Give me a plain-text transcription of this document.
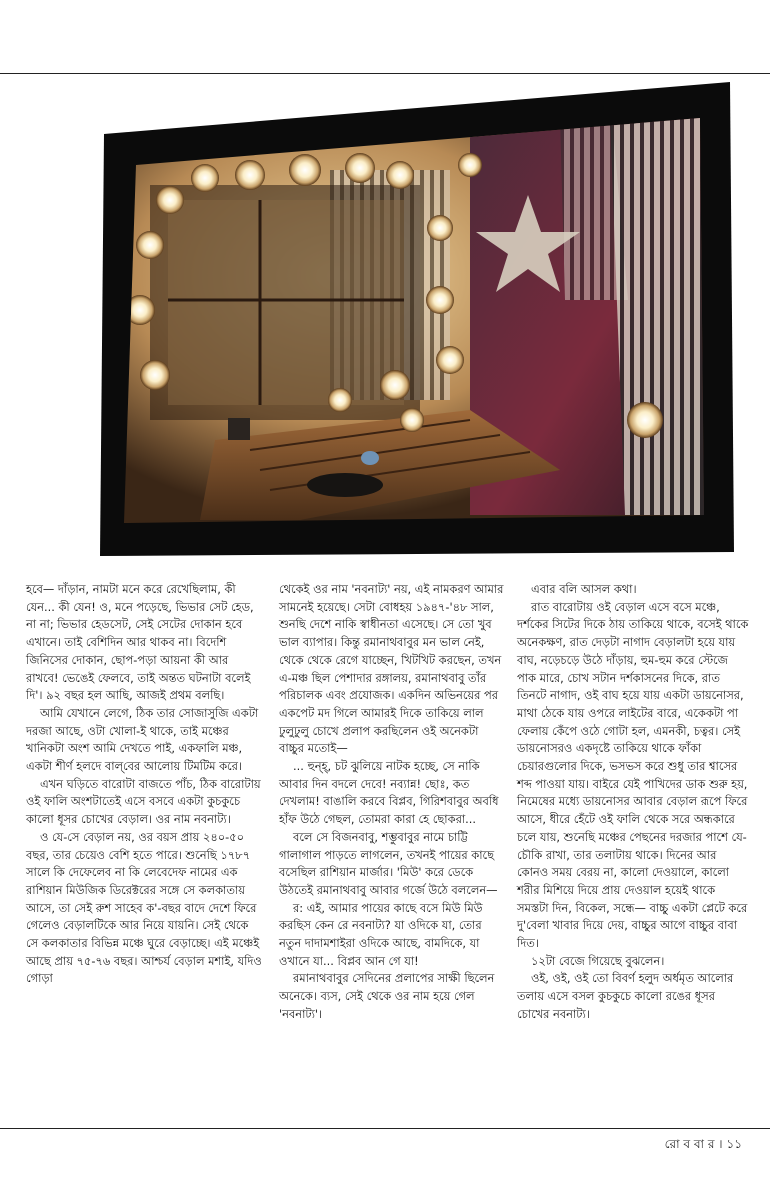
হবে— দাঁড়ান, নামটা মনে করে রেখেছিলাম, কী যেন... কী যেন! ও, মনে পড়েছে, ভিভার সেট হেড, না না; ভিভার হেডসেট, সেই সেটের দোকান হবে এখানে। তাই বেশিদিন আর থাকব না। বিদেশি জিনিসের দোকান, ছোপ-পড়া আয়না কী আর রাখবে! ভেঙেই ফেলবে, তাই অন্তত ঘটনাটা বলেই দি'। ৯২ বছর হল আছি, আজই প্রথম বলছি।

আমি যেখানে লেগে, ঠিক তার সোজাসুজি একটা দরজা আছে, ওটা খোলা-ই থাকে, তাই মঞ্চের খানিকটা অংশ আমি দেখতে পাই, একফালি মঞ্চ, একটা শীর্ণ হলদে বাল্‌বের আলোয় টিমটিম করে।

এখন ঘড়িতে বারোটা বাজতে পাঁচ, ঠিক বারোটায় ওই ফালি অংশটাতেই এসে বসবে একটা কুচকুচে কালো ধূসর চোখের বেড়াল। ওর নাম নবনাট্য।

ও যে-সে বেড়াল নয়, ওর বয়স প্রায় ২৪০-৫০ বছর, তার চেয়েও বেশি হতে পারে। শুনেছি ১৭৮৭ সালে কি দেফেলেব না কি লেবেদেফ নামের এক রাশিয়ান মিউজিক ডিরেক্টরের সঙ্গে সে কলকাতায় আসে, তা সেই রুশ সাহেব ক'-বছর বাদে দেশে ফিরে গেলেও বেড়ালটিকে আর নিয়ে যায়নি। সেই থেকে সে কলকাতার বিভিন্ন মঞ্চে ঘুরে বেড়াচ্ছে। এই মঞ্চেই আছে প্রায় ৭৫-৭৬ বছর। আশ্চর্য বেড়াল মশাই, যদিও গোড়া

থেকেই ওর নাম 'নবনাট্য' নয়, এই নামকরণ আমার সামনেই হয়েছে। সেটা বোধহয় ১৯৪৭-'৪৮ সাল, শুনছি দেশে নাকি স্বাধীনতা এসেছে। সে তো খুব ভাল ব্যাপার। কিন্তু রমানাথবাবুর মন ভাল নেই, থেকে থেকে রেগে যাচ্ছেন, খিটখিট করছেন, তখন এ-মঞ্চ ছিল পেশাদার রঙ্গালয়, রমানাথবাবু তাঁর পরিচালক এবং প্রযোজক। একদিন অভিনয়ের পর একপেট মদ গিলে আমারই দিকে তাকিয়ে লাল ঢুলুঢুলু চোখে প্রলাপ করছিলেন ওই অনেকটা বাচ্চুর মতোই—

... হুন্‌হ্‌, চট ঝুলিয়ে নাটক হচ্ছে, সে নাকি আবার দিন বদলে দেবে! নব্যান্ন! ছোঃ, কত দেখলাম! বাঙালি করবে বিপ্লব, গিরিশবাবুর অবধি হাঁফ উঠে গেছল, তোমরা কারা হে ছোকরা...

বলে সে বিজনবাবু, শম্ভুবাবুর নামে চাট্টি গালাগাল পাড়তে লাগলেন, তখনই পায়ের কাছে বসেছিল রাশিয়ান মার্জার। 'মিউ' করে ডেকে উঠতেই রমানাথবাবু আবার গর্জে উঠে বললেন—

র: এই, আমার পায়ের কাছে বসে মিউ মিউ করছিস কেন রে নবনাট্য? যা ওদিকে যা, তোর নতুন দাদামশাইরা ওদিকে আছে, বামদিকে, যা ওখানে যা... বিপ্লব আন গে যা!

রমানাথবাবুর সেদিনের প্রলাপের সাক্ষী ছিলেন অনেকে। ব্যস, সেই থেকে ওর নাম হয়ে গেল 'নবনাট্য'।

এবার বলি আসল কথা।

রাত বারোটায় ওই বেড়াল এসে বসে মঞ্চে, দর্শকের সিটের দিকে ঠায় তাকিয়ে থাকে, বসেই থাকে অনেকক্ষণ, রাত দেড়টা নাগাদ বেড়ালটা হয়ে যায় বাঘ, নড়েচড়ে উঠে দাঁড়ায়, হুম-হুম করে স্টেজে পাক মারে, চোখ সটান দর্শকাসনের দিকে, রাত তিনটে নাগাদ, ওই বাঘ হয়ে যায় একটা ডায়নোসর, মাথা ঠেকে যায় ওপরে লাইটের বারে, একেকটা পা ফেলায় কেঁপে ওঠে গোটা হল, এমনকী, চত্বর। সেই ডায়নোসরও একদৃষ্টে তাকিয়ে থাকে ফাঁকা চেয়ারগুলোর দিকে, ভসভস করে শুধু তার শ্বাসের শব্দ পাওয়া যায়। বাইরে যেই পাখিদের ডাক শুরু হয়, নিমেষের মধ্যে ডায়নোসর আবার বেড়াল রূপে ফিরে আসে, ধীরে হেঁটে ওই ফালি থেকে সরে অন্ধকারে চলে যায়, শুনেছি মঞ্চের পেছনের দরজার পাশে যে-চৌকি রাখা, তার তলাটায় থাকে। দিনের আর কোনও সময় বেরয় না, কালো দেওয়ালে, কালো শরীর মিশিয়ে দিয়ে প্রায় দেওয়াল হয়েই থাকে সমস্তটা দিন, বিকেল, সন্ধে— বাচ্চু একটা প্লেটে করে দু'বেলা খাবার দিয়ে দেয়, বাচ্চুর আগে বাচ্চুর বাবা দিত।

১২টা বেজে গিয়েছে বুঝলেন।

ওই, ওই, ওই তো বিবর্ণ হলুদ অর্ধমৃত আলোর তলায় এসে বসল কুচকুচে কালো রঙের ধূসর চোখের নবনাট্য।

রো ব বা র । ১১
